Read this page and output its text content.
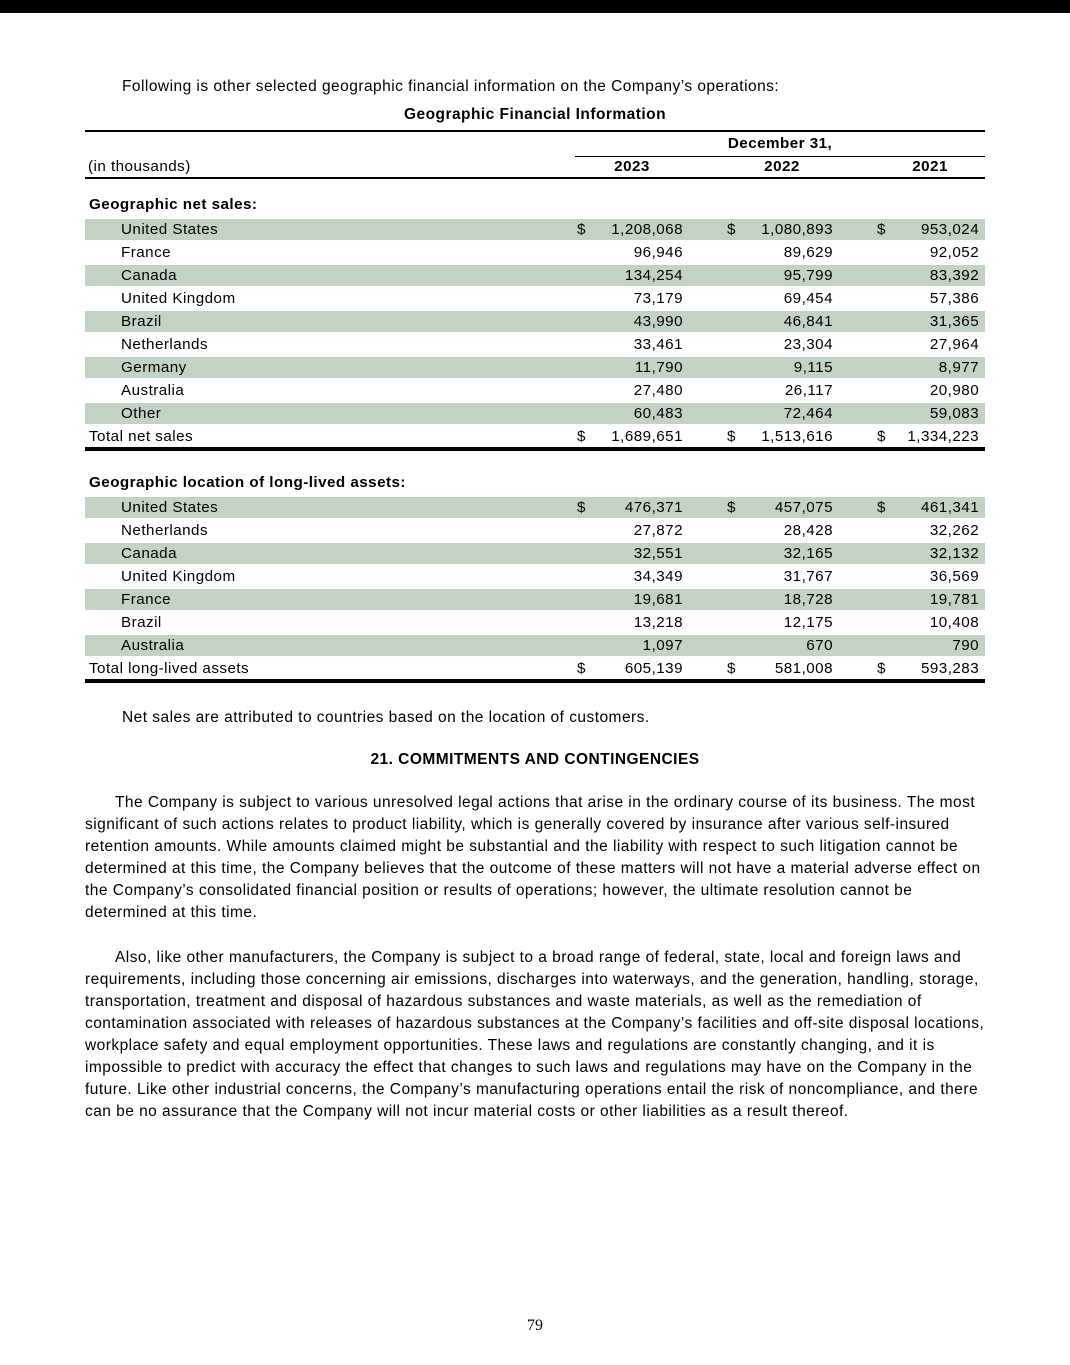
Following is other selected geographic financial information on the Company’s operations:

Geographic Financial Information
	December 31,							
(in thousands)	2023			2022			2021	

Geographic net sales:								
United States	$	1,208,068		$	1,080,893		$	953,024
France		96,946			89,629			92,052
Canada		134,254			95,799			83,392
United Kingdom		73,179			69,454			57,386
Brazil		43,990			46,841			31,365
Netherlands		33,461			23,304			27,964
Germany		11,790			9,115			8,977
Australia		27,480			26,117			20,980
Other		60,483			72,464			59,083
Total net sales	$	1,689,651		$	1,513,616		$	1,334,223

Geographic location of long-lived assets:								
United States	$	476,371		$	457,075		$	461,341
Netherlands		27,872			28,428			32,262
Canada		32,551			32,165			32,132
United Kingdom		34,349			31,767			36,569
France		19,681			18,728			19,781
Brazil		13,218			12,175			10,408
Australia		1,097			670			790
Total long-lived assets	$	605,139		$	581,008		$	593,283

Net sales are attributed to countries based on the location of customers.

21. COMMITMENTS AND CONTINGENCIES

The Company is subject to various unresolved legal actions that arise in the ordinary course of its business. The most significant of such actions relates to product liability, which is generally covered by insurance after various self-insured retention amounts. While amounts claimed might be substantial and the liability with respect to such litigation cannot be determined at this time, the Company believes that the outcome of these matters will not have a material adverse effect on the Company’s consolidated financial position or results of operations; however, the ultimate resolution cannot be determined at this time.

Also, like other manufacturers, the Company is subject to a broad range of federal, state, local and foreign laws and requirements, including those concerning air emissions, discharges into waterways, and the generation, handling, storage, transportation, treatment and disposal of hazardous substances and waste materials, as well as the remediation of contamination associated with releases of hazardous substances at the Company’s facilities and off-site disposal locations, workplace safety and equal employment opportunities. These laws and regulations are constantly changing, and it is impossible to predict with accuracy the effect that changes to such laws and regulations may have on the Company in the future. Like other industrial concerns, the Company’s manufacturing operations entail the risk of noncompliance, and there can be no assurance that the Company will not incur material costs or other liabilities as a result thereof.

79
